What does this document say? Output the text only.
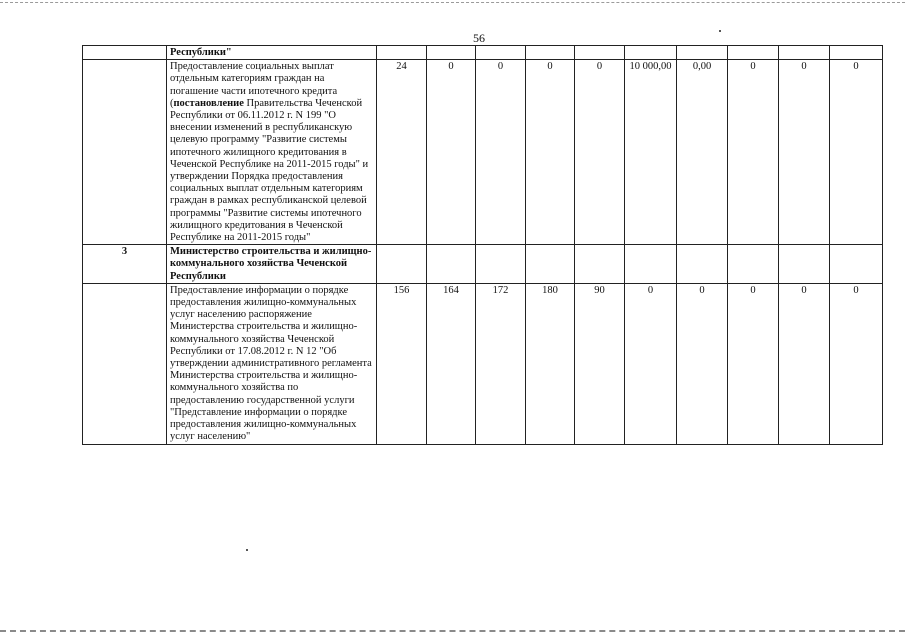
56
	Республики"										
	Предоставление социальных выплат отдельным категориям граждан на погашение части ипотечного кредита (постановление Правительства Чеченской Республики от 06.11.2012 г. N 199 "О внесении изменений в республиканскую целевую программу "Развитие системы ипотечного жилищного кредитования в Чеченской Республике на 2011-2015 годы" и утверждении Порядка предоставления социальных выплат отдельным категориям граждан в рамках республиканской целевой программы "Развитие системы ипотечного жилищного кредитования в Чеченской Республике на 2011-2015 годы"	24	0	0	0	0	10 000,00	0,00	0	0	0
3	Министерство строительства и жилищно-коммунального хозяйства Чеченской Республики										
	Предоставление информации о порядке предоставления жилищно-коммунальных услуг населению распоряжение Министерства строительства и жилищно-коммунального хозяйства Чеченской Республики от 17.08.2012 г. N 12 "Об утверждении административного регламента Министерства строительства и жилищно-коммунального хозяйства по предоставлению государственной услуги "Представление информации о порядке предоставления жилищно-коммунальных услуг населению"	156	164	172	180	90	0	0	0	0	0
